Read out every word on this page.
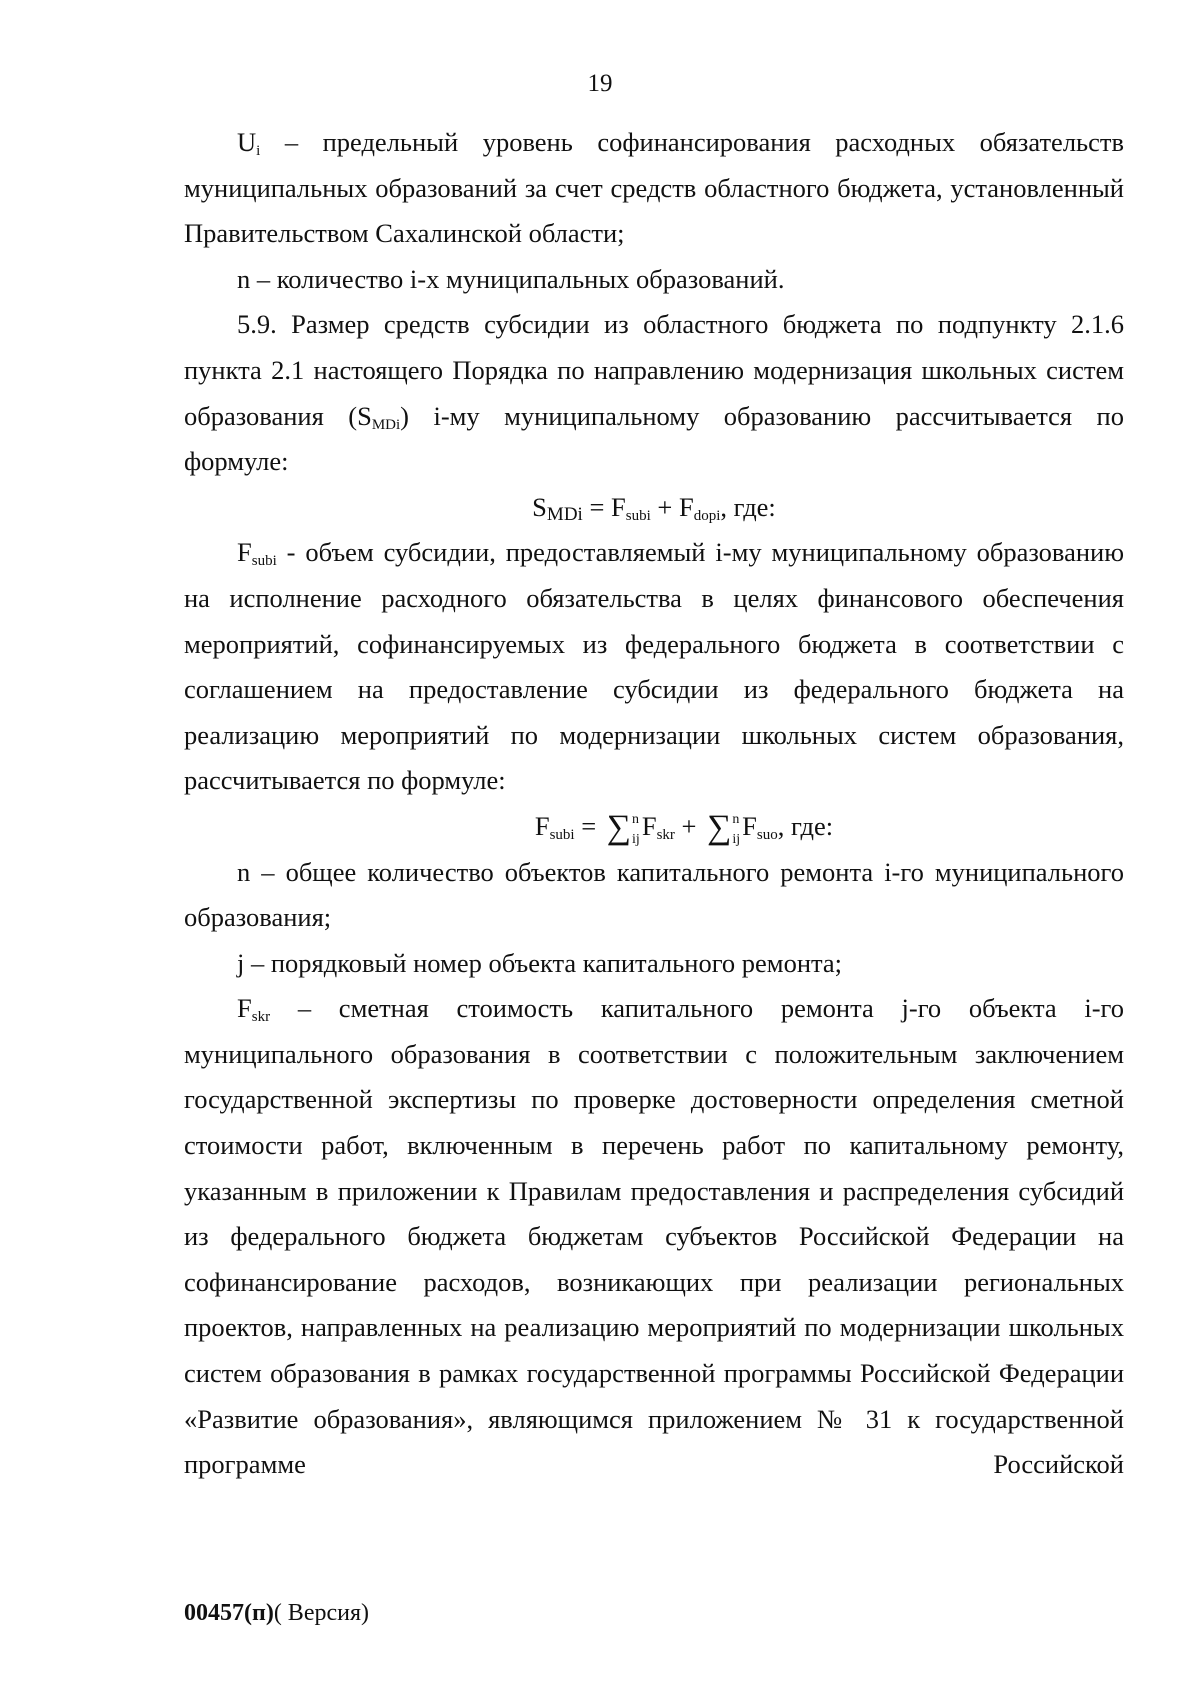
19

$U_i$ – предельный уровень софинансирования расходных обязательств муниципальных образований за счет средств областного бюджета, установленный Правительством Сахалинской области;

n – количество i-х муниципальных образований.

5.9. Размер средств субсидии из областного бюджета по подпункту 2.1.6 пункта 2.1 настоящего Порядка по направлению модернизация школьных систем образования $(S_{MDi})$ i-му муниципальному образованию рассчитывается по формуле:

$S_{MDi} = F_{subi} + F_{dopi}$, где:

$F_{subi}$ - объем субсидии, предоставляемый i-му муниципальному образованию на исполнение расходного обязательства в целях финансового обеспечения мероприятий, софинансируемых из федерального бюджета в соответствии с соглашением на предоставление субсидии из федерального бюджета на реализацию мероприятий по модернизации школьных систем образования, рассчитывается по формуле:

$F_{subi} = \sum^n_{ij}F_{skr} + \sum^n_{ij}F_{suo}$, где:

n – общее количество объектов капитального ремонта i-го муниципального образования;

j – порядковый номер объекта капитального ремонта;

$F_{skr}$ – сметная стоимость капитального ремонта j-го объекта i-го муниципального образования в соответствии с положительным заключением государственной экспертизы по проверке достоверности определения сметной стоимости работ, включенным в перечень работ по капитальному ремонту, указанным в приложении к Правилам предоставления и распределения субсидий из федерального бюджета бюджетам субъектов Российской Федерации на софинансирование расходов, возникающих при реализации региональных проектов, направленных на реализацию мероприятий по модернизации школьных систем образования в рамках государственной программы Российской Федерации «Развитие образования», являющимся приложением № 31 к государственной программе Российской

00457(п)( Версия)
